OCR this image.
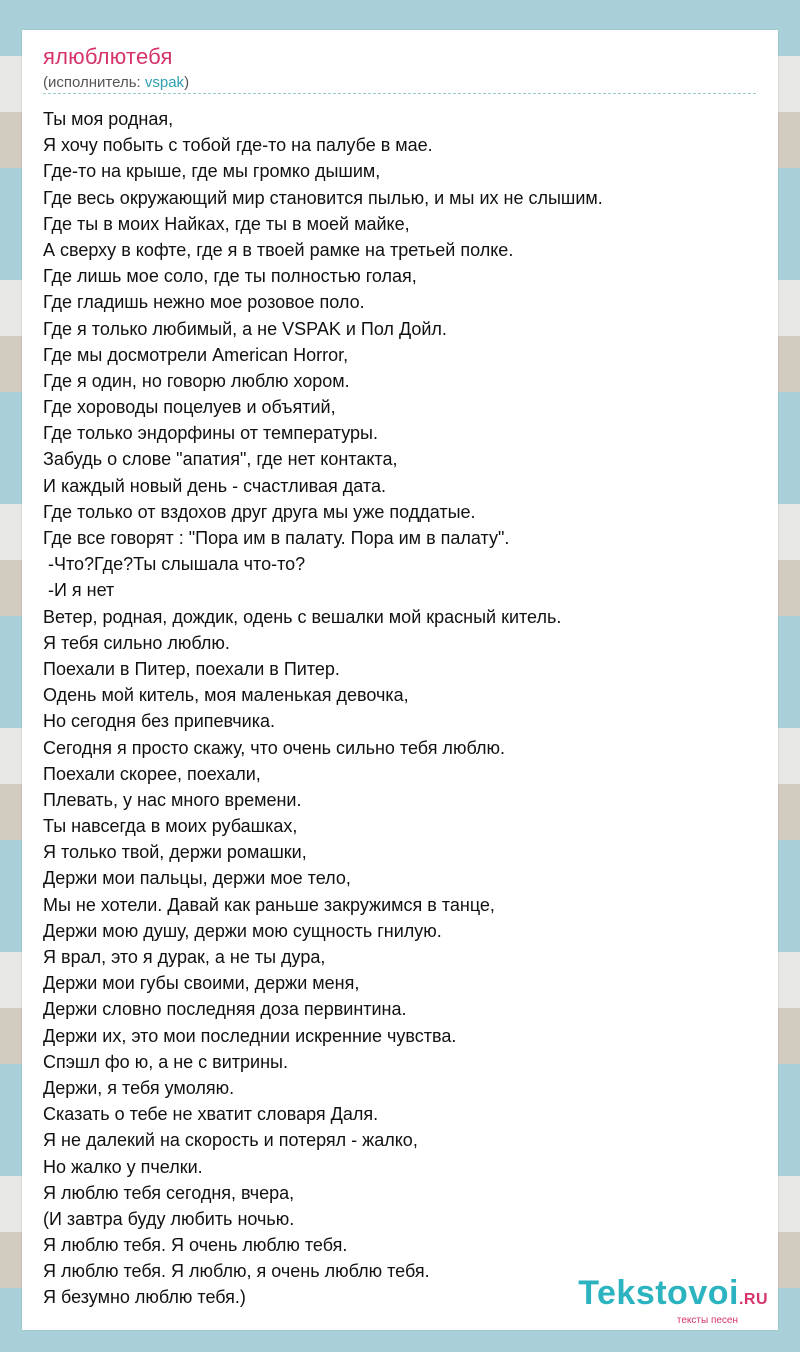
ялюблютебя
(исполнитель: vspak)
Ты моя родная,
Я хочу побыть с тобой где-то на палубе в мае.
Где-то на крыше, где мы громко дышим,
Где весь окружающий мир становится пылью, и мы их не слышим.
Где ты в моих Найках, где ты в моей майке,
А сверху в кофте, где я в твоей рамке на третьей полке.
Где лишь мое соло, где ты полностью голая,
Где гладишь нежно мое розовое поло.
Где я только любимый, а не VSPAK и Пол Дойл.
Где мы досмотрели American Horror,
Где я один, но говорю люблю хором.
Где хороводы поцелуев и объятий,
Где только эндорфины от температуры.
Забудь о слове "апатия", где нет контакта,
И каждый новый день - счастливая дата.
Где только от вздохов друг друга мы уже поддатые.
Где все говорят : "Пора им в палату. Пора им в палату".
-Что?Где?Ты слышала что-то?
-И я нет
Ветер, родная, дождик, одень с вешалки мой красный китель.
Я тебя сильно люблю.
Поехали в Питер, поехали в Питер.
Одень мой китель, моя маленькая девочка,
Но сегодня без припевчика.
Сегодня я просто скажу, что очень сильно тебя люблю.
Поехали скорее, поехали,
Плевать, у нас много времени.
Ты навсегда в моих рубашках,
Я только твой, держи ромашки,
Держи мои пальцы, держи мое тело,
Мы не хотели. Давай как раньше закружимся в танце,
Держи мою душу, держи мою сущность гнилую.
Я врал, это я дурак, а не ты дура,
Держи мои губы своими, держи меня,
Держи словно последняя доза первинтина.
Держи их, это мои последнии искренние чувства.
Спэшл фо ю, а не с витрины.
Держи, я тебя умоляю.
Сказать о тебе не хватит словаря Даля.
Я не далекий на скорость и потерял - жалко,
Но жалко у пчелки.
Я люблю тебя сегодня, вчера,
(И завтра буду любить ночью.
Я люблю тебя. Я очень люблю тебя.
Я люблю тебя. Я люблю, я очень люблю тебя.
Я безумно люблю тебя.)	Tekstovoi.RU
тексты песен
